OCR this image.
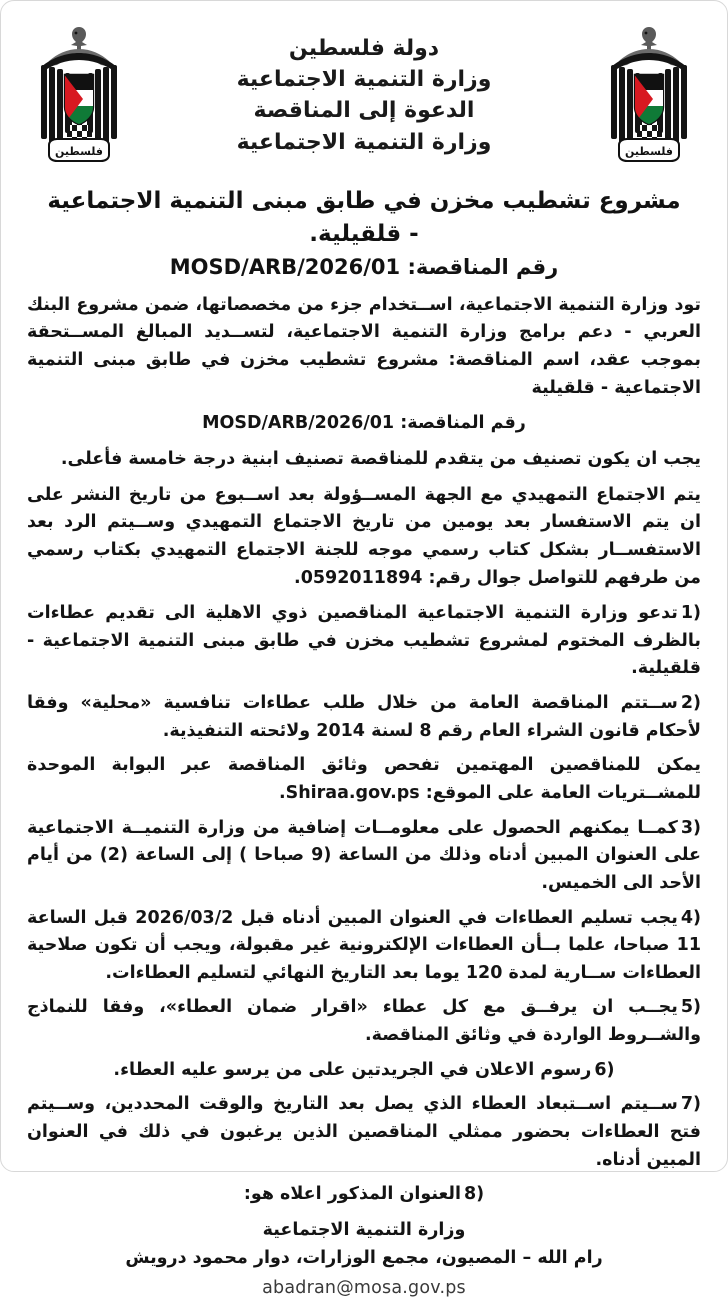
فلسطين
دولة فلسطين
وزارة التنمية الاجتماعية
الدعوة إلى المناقصة
وزارة التنمية الاجتماعية	فلسطين
مشروع تشطيب مخزن في طابق مبنى التنمية الاجتماعية - قلقيلية.
رقم المناقصة: MOSD/ARB/2026/01

تود وزارة التنمية الاجتماعية، اســتخدام جزء من مخصصاتها، ضمن مشروع البنك العربي - دعم برامج وزارة التنمية الاجتماعية، لتســديد المبالغ المســتحقة بموجب عقد، اسم المناقصة: مشروع تشطيب مخزن في طابق مبنى التنمية الاجتماعية - قلقيلية

رقم المناقصة: MOSD/ARB/2026/01

يجب ان يكون تصنيف من يتقدم للمناقصة تصنيف ابنية درجة خامسة فأعلى.

يتم الاجتماع التمهيدي مع الجهة المســؤولة بعد اســبوع من تاريخ النشر على ان يتم الاستفسار بعد يومين من تاريخ الاجتماع التمهيدي وســيتم الرد بعد الاستفســار بشكل كتاب رسمي موجه للجنة الاجتماع التمهيدي بكتاب رسمي من طرفهم للتواصل جوال رقم: 0592011894.

1)تدعو وزارة التنمية الاجتماعية المناقصين ذوي الاهلية الى تقديم عطاءات بالظرف المختوم لمشروع تشطيب مخزن في طابق مبنى التنمية الاجتماعية - قلقيلية.

2)ســتتم المناقصة العامة من خلال طلب عطاءات تنافسية «محلية» وفقا لأحكام قانون الشراء العام رقم 8 لسنة 2014 ولائحته التنفيذية.

يمكن للمناقصين المهتمين تفحص وثائق المناقصة عبر البوابة الموحدة للمشــتريات العامة على الموقع: Shiraa.gov.ps.

3)كمــا يمكنهم الحصول على معلومــات إضافية من وزارة التنميــة الاجتماعية على العنوان المبين أدناه وذلك من الساعة (9 صباحا ) إلى الساعة (2) من أيام الأحد الى الخميس.

4)يجب تسليم العطاءات في العنوان المبين أدناه قبل 2026/03/2 قبل الساعة 11 صباحا، علما بــأن العطاءات الإلكترونية غير مقبولة، ويجب أن تكون صلاحية العطاءات ســارية لمدة 120 يوما بعد التاريخ النهائي لتسليم العطاءات.

5)يجــب ان يرفــق مع كل عطاء «اقرار ضمان العطاء»، وفقا للنماذج والشــروط الواردة في وثائق المناقصة.

6)رسوم الاعلان في الجريدتين على من يرسو عليه العطاء.

7)ســيتم اســتبعاد العطاء الذي يصل بعد التاريخ والوقت المحددين، وســيتم فتح العطاءات بحضور ممثلي المناقصين الذين يرغبون في ذلك في العنوان المبين أدناه.

8)العنوان المذكور اعلاه هو:

وزارة التنمية الاجتماعية

رام الله – المصيون، مجمع الوزارات، دوار محمود درويش

abadran@mosa.gov.ps
